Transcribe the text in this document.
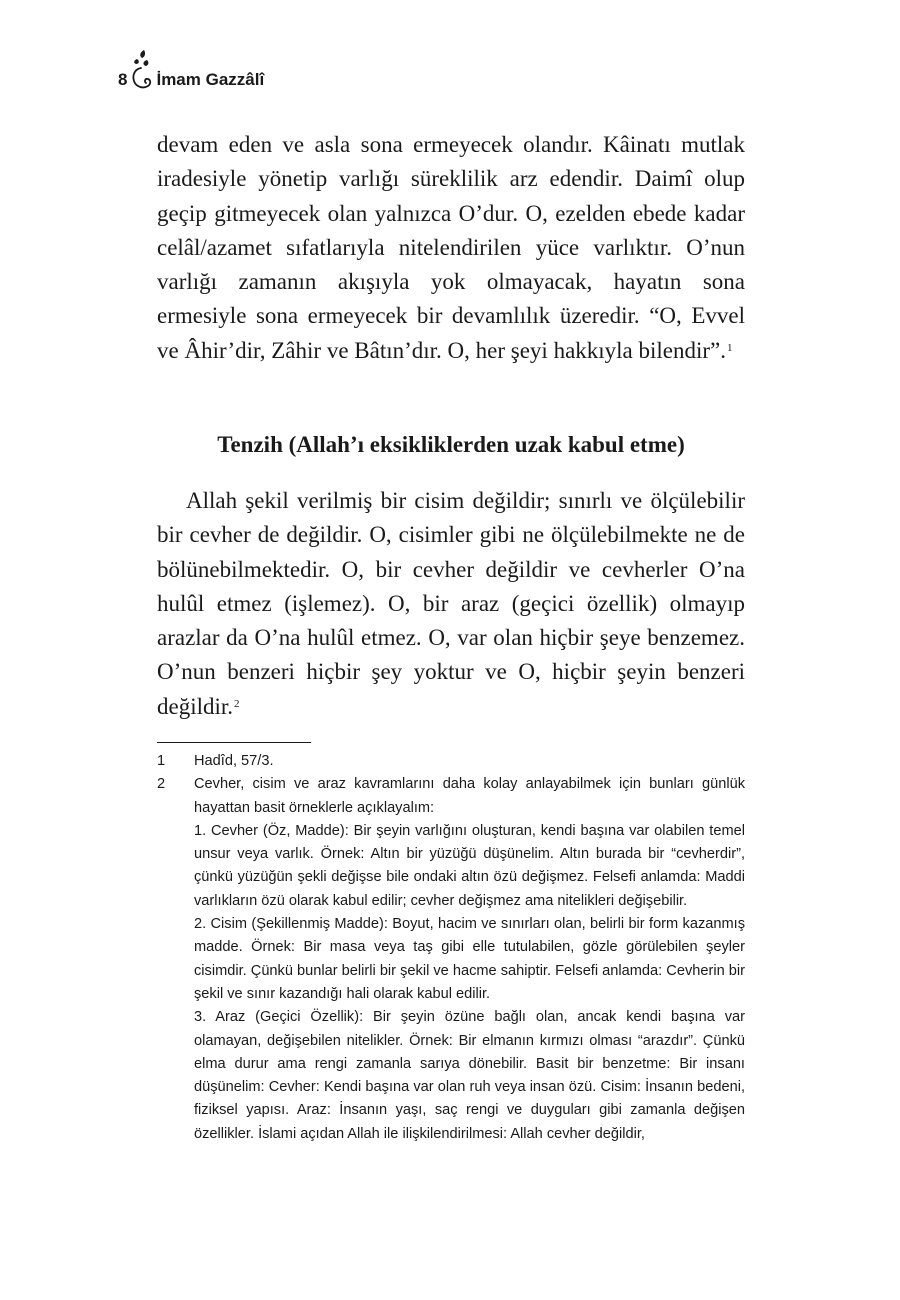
8 İmam Gazzâlî

devam eden ve asla sona ermeyecek olandır. Kâinatı mutlak iradesiyle yönetip varlığı süreklilik arz edendir. Daimî olup geçip gitmeyecek olan yalnızca O’dur. O, ezelden ebede kadar celâl/azamet sıfatlarıyla nitelendirilen yüce varlıktır. O’nun varlığı zamanın akışıyla yok olmayacak, hayatın sona ermesiyle sona ermeyecek bir devamlılık üzeredir. “O, Evvel ve Âhir’dir, Zâhir ve Bâtın’dır. O, her şeyi hakkıyla bilendir”.$^1$

Tenzih (Allah’ı eksikliklerden uzak kabul etme)

Allah şekil verilmiş bir cisim değildir; sınırlı ve ölçülebilir bir cevher de değildir. O, cisimler gibi ne ölçülebilmekte ne de bölünebilmektedir. O, bir cevher değildir ve cevherler O’na hulûl etmez (işlemez). O, bir araz (geçici özellik) olmayıp arazlar da O’na hulûl etmez. O, var olan hiçbir şeye benzemez. O’nun benzeri hiçbir şey yoktur ve O, hiçbir şeyin benzeri değildir.$^2$

1	Hadîd, 57/3.

2	Cevher, cisim ve araz kavramlarını daha kolay anlayabilmek için bunları günlük hayattan basit örneklerle açıklayalım:

1. Cevher (Öz, Madde): Bir şeyin varlığını oluşturan, kendi başına var olabilen temel unsur veya varlık. Örnek: Altın bir yüzüğü düşünelim. Altın burada bir “cevherdir”, çünkü yüzüğün şekli değişse bile ondaki altın özü değişmez. Felsefi anlamda: Maddi varlıkların özü olarak kabul edilir; cevher değişmez ama nitelikleri değişebilir.

2. Cisim (Şekillenmiş Madde): Boyut, hacim ve sınırları olan, belirli bir form kazanmış madde. Örnek: Bir masa veya taş gibi elle tutulabilen, gözle görülebilen şeyler cisimdir. Çünkü bunlar belirli bir şekil ve hacme sahiptir. Felsefi anlamda: Cevherin bir şekil ve sınır kazandığı hali olarak kabul edilir.

3. Araz (Geçici Özellik): Bir şeyin özüne bağlı olan, ancak kendi başına var olamayan, değişebilen nitelikler. Örnek: Bir elmanın kırmızı olması “arazdır”. Çünkü elma durur ama rengi zamanla sarıya dönebilir. Basit bir benzetme: Bir insanı düşünelim: Cevher: Kendi başına var olan ruh veya insan özü. Cisim: İnsanın bedeni, fiziksel yapısı. Araz: İnsanın yaşı, saç rengi ve duyguları gibi zamanla değişen özellikler. İslami açıdan Allah ile ilişkilendirilmesi: Allah cevher değildir,
